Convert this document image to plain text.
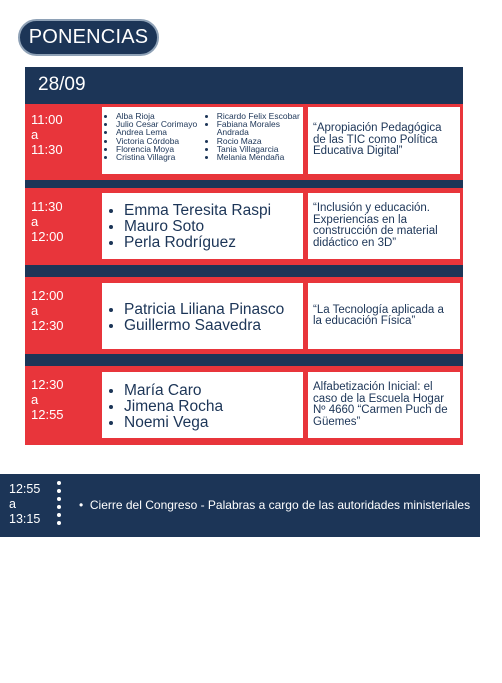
PONENCIAS
28/09
11:00
a
11:30
• Alba Rioja
• Julio Cesar Corimayo
• Andrea Lema
• Victoria Córdoba
• Florencia Moya
• Cristina Villagra
• Ricardo Felix Escobar
• Fabiana Morales Andrada
• Rocio Maza
• Tania Villagarcia
• Melania Mendaña
“Apropiación Pedagógica de las TIC como Política Educativa Digital”
11:30
a
12:00
• Emma Teresita Raspi
• Mauro Soto
• Perla Rodríguez
“Inclusión y educación. Experiencias en la construcción de material didáctico en 3D”
12:00
a
12:30
• Patricia Liliana Pinasco
• Guillermo Saavedra
“La Tecnología aplicada a la educación Física”
12:30
a
12:55
• María Caro
• Jimena Rocha
• Noemi Vega
Alfabetización Inicial: el caso de la Escuela Hogar Nº 4660 “Carmen Puch de Güemes”
12:55
a
13:15
•  Cierre del Congreso - Palabras a cargo de las autoridades ministeriales
